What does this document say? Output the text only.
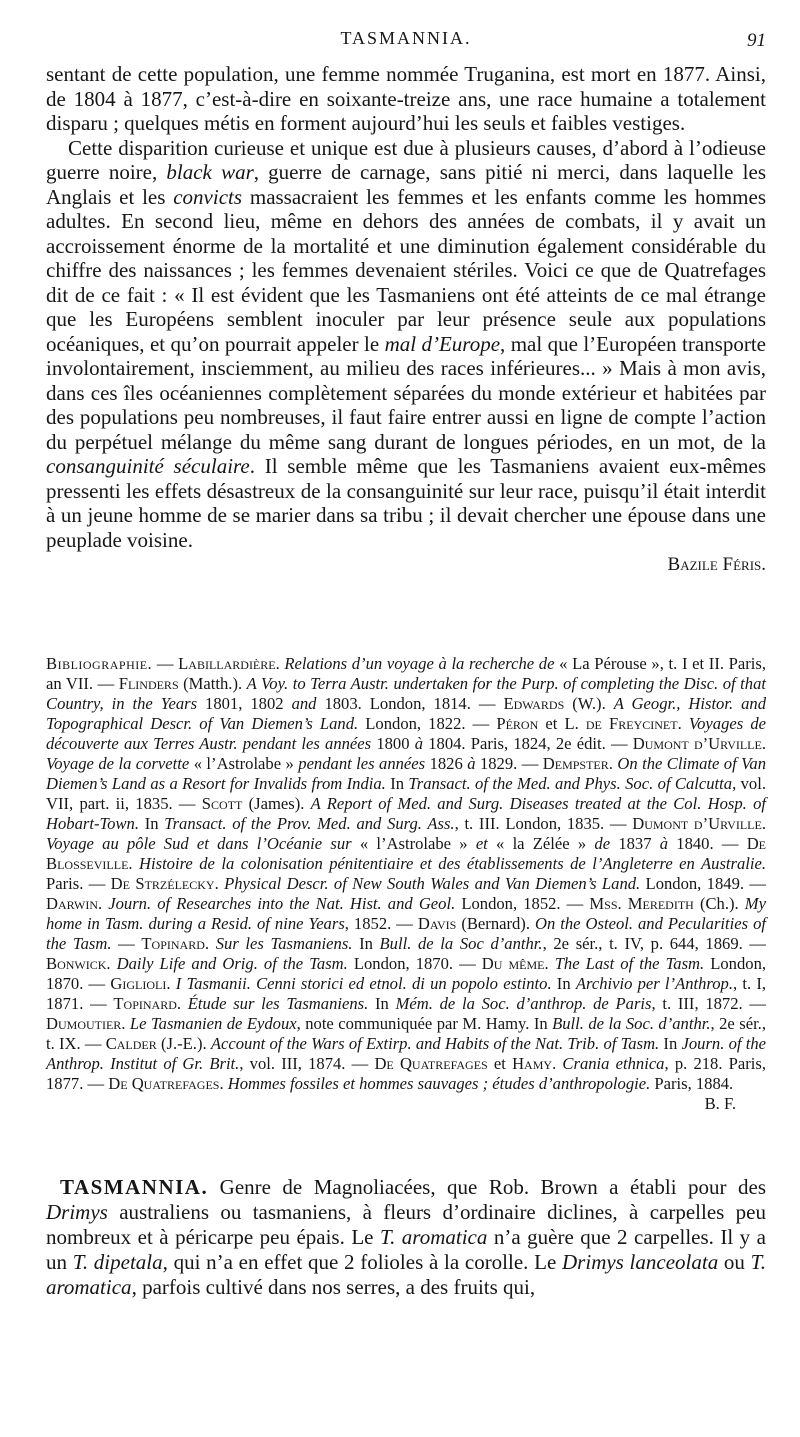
TASMANNIA.	91

sentant de cette population, une femme nommée Truganina, est mort en 1877. Ainsi, de 1804 à 1877, c’est-à-dire en soixante-treize ans, une race humaine a totalement disparu ; quelques métis en forment aujourd’hui les seuls et faibles vestiges.

Cette disparition curieuse et unique est due à plusieurs causes, d’abord à l’odieuse guerre noire, black war, guerre de carnage, sans pitié ni merci, dans laquelle les Anglais et les convicts massacraient les femmes et les enfants comme les hommes adultes. En second lieu, même en dehors des années de combats, il y avait un accroissement énorme de la mortalité et une diminution également considérable du chiffre des naissances ; les femmes devenaient stériles. Voici ce que de Quatrefages dit de ce fait : « Il est évident que les Tasmaniens ont été atteints de ce mal étrange que les Européens semblent inoculer par leur présence seule aux populations océaniques, et qu’on pourrait appeler le mal d’Europe, mal que l’Européen transporte involontairement, insciemment, au milieu des races inférieures... » Mais à mon avis, dans ces îles océaniennes complètement séparées du monde extérieur et habitées par des populations peu nombreuses, il faut faire entrer aussi en ligne de compte l’action du perpétuel mélange du même sang durant de longues périodes, en un mot, de la consanguinité séculaire. Il semble même que les Tasmaniens avaient eux-mêmes pressenti les effets désastreux de la consanguinité sur leur race, puisqu’il était interdit à un jeune homme de se marier dans sa tribu ; il devait chercher une épouse dans une peuplade voisine.

Bazile Féris.

Bibliographie. — Labillardière. Relations d’un voyage à la recherche de « La Pérouse », t. I et II. Paris, an VII. — Flinders (Matth.). A Voy. to Terra Austr. undertaken for the Purp. of completing the Disc. of that Country, in the Years 1801, 1802 and 1803. London, 1814. — Edwards (W.). A Geogr., Histor. and Topographical Descr. of Van Diemen’s Land. London, 1822. — Péron et L. de Freycinet. Voyages de découverte aux Terres Austr. pendant les années 1800 à 1804. Paris, 1824, 2e édit. — Dumont d’Urville. Voyage de la corvette « l’Astrolabe » pendant les années 1826 à 1829. — Dempster. On the Climate of Van Diemen’s Land as a Resort for Invalids from India. In Transact. of the Med. and Phys. Soc. of Calcutta, vol. VII, part. ii, 1835. — Scott (James). A Report of Med. and Surg. Diseases treated at the Col. Hosp. of Hobart-Town. In Transact. of the Prov. Med. and Surg. Ass., t. III. London, 1835. — Dumont d’Urville. Voyage au pôle Sud et dans l’Océanie sur « l’Astrolabe » et « la Zélée » de 1837 à 1840. — De Blosseville. Histoire de la colonisation pénitentiaire et des établissements de l’Angleterre en Australie. Paris. — De Strzélecky. Physical Descr. of New South Wales and Van Diemen’s Land. London, 1849. — Darwin. Journ. of Researches into the Nat. Hist. and Geol. London, 1852. — Mss. Meredith (Ch.). My home in Tasm. during a Resid. of nine Years, 1852. — Davis (Bernard). On the Osteol. and Pecularities of the Tasm. — Topinard. Sur les Tasmaniens. In Bull. de la Soc d’anthr., 2e sér., t. IV, p. 644, 1869. — Bonwick. Daily Life and Orig. of the Tasm. London, 1870. — Du même. The Last of the Tasm. London, 1870. — Giglioli. I Tasmanii. Cenni storici ed etnol. di un popolo estinto. In Archivio per l’Anthrop., t. I, 1871. — Topinard. Étude sur les Tasmaniens. In Mém. de la Soc. d’anthrop. de Paris, t. III, 1872. — Dumoutier. Le Tasmanien de Eydoux, note communiquée par M. Hamy. In Bull. de la Soc. d’anthr., 2e sér., t. IX. — Calder (J.-E.). Account of the Wars of Extirp. and Habits of the Nat. Trib. of Tasm. In Journ. of the Anthrop. Institut of Gr. Brit., vol. III, 1874. — De Quatrefages et Hamy. Crania ethnica, p. 218. Paris, 1877. — De Quatrefages. Hommes fossiles et hommes sauvages ; études d’anthropologie. Paris, 1884.
B. F.

TASMANNIA. Genre de Magnoliacées, que Rob. Brown a établi pour des Drimys australiens ou tasmaniens, à fleurs d’ordinaire diclines, à carpelles peu nombreux et à péricarpe peu épais. Le T. aromatica n’a guère que 2 carpelles. Il y a un T. dipetala, qui n’a en effet que 2 folioles à la corolle. Le Drimys lanceolata ou T. aromatica, parfois cultivé dans nos serres, a des fruits qui,
